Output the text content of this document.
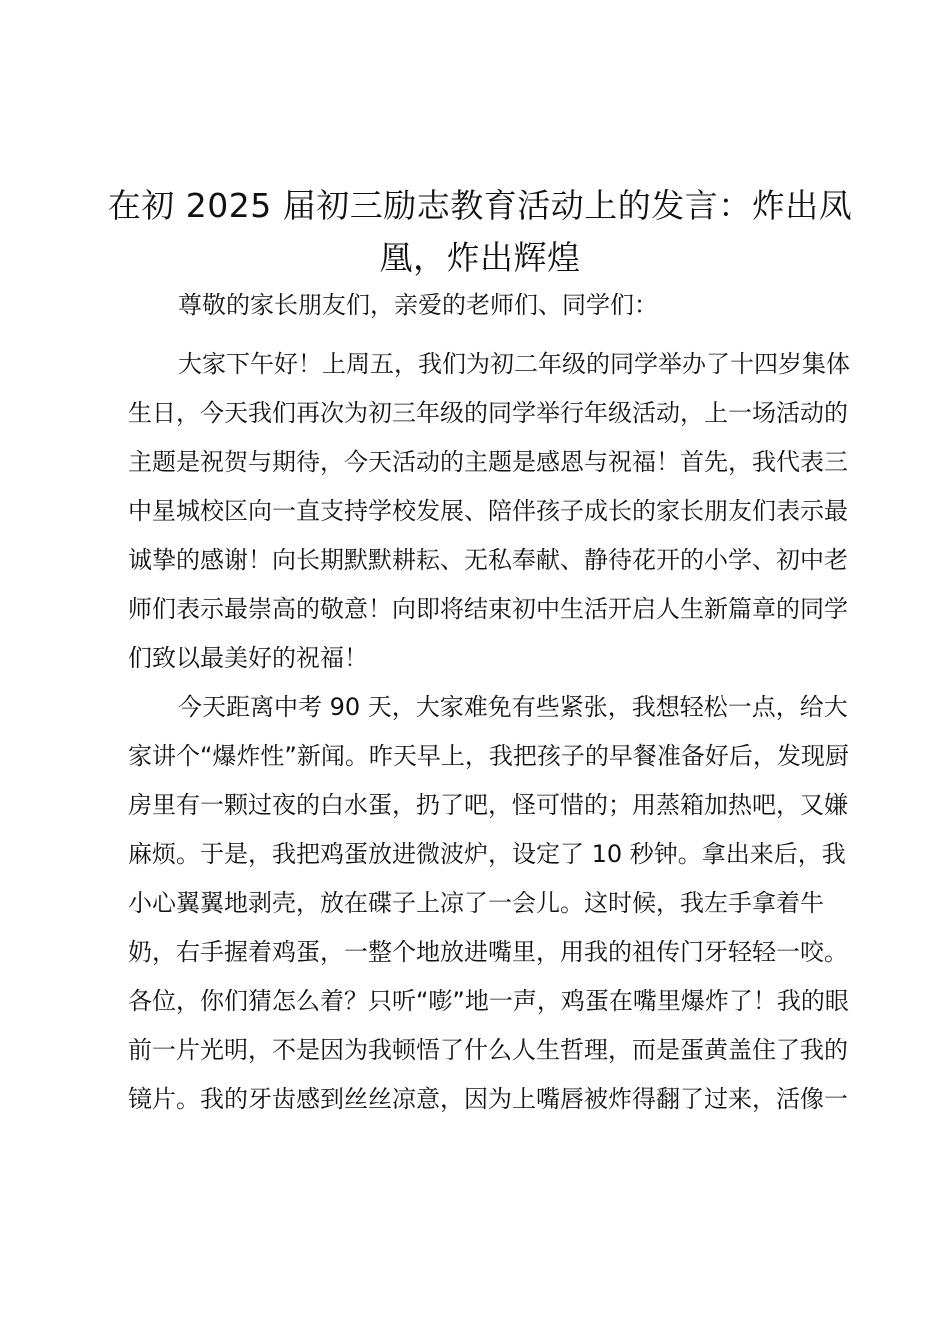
在初 2025 届初三励志教育活动上的发言：炸出凤凰，炸出辉煌

尊敬的家长朋友们，亲爱的老师们、同学们：

大家下午好！上周五，我们为初二年级的同学举办了十四岁集体生日，今天我们再次为初三年级的同学举行年级活动，上一场活动的主题是祝贺与期待，今天活动的主题是感恩与祝福！首先，我代表三中星城校区向一直支持学校发展、陪伴孩子成长的家长朋友们表示最诚挚的感谢！向长期默默耕耘、无私奉献、静待花开的小学、初中老师们表示最崇高的敬意！向即将结束初中生活开启人生新篇章的同学们致以最美好的祝福！

今天距离中考 90 天，大家难免有些紧张，我想轻松一点，给大家讲个“爆炸性”新闻。昨天早上，我把孩子的早餐准备好后，发现厨房里有一颗过夜的白水蛋，扔了吧，怪可惜的；用蒸箱加热吧，又嫌麻烦。于是，我把鸡蛋放进微波炉，设定了 10 秒钟。拿出来后，我小心翼翼地剥壳，放在碟子上凉了一会儿。这时候，我左手拿着牛奶，右手握着鸡蛋，一整个地放进嘴里，用我的祖传门牙轻轻一咬。各位，你们猜怎么着？只听“嘭”地一声，鸡蛋在嘴里爆炸了！我的眼前一片光明，不是因为我顿悟了什么人生哲理，而是蛋黄盖住了我的镜片。我的牙齿感到丝丝凉意，因为上嘴唇被炸得翻了过来，活像一
